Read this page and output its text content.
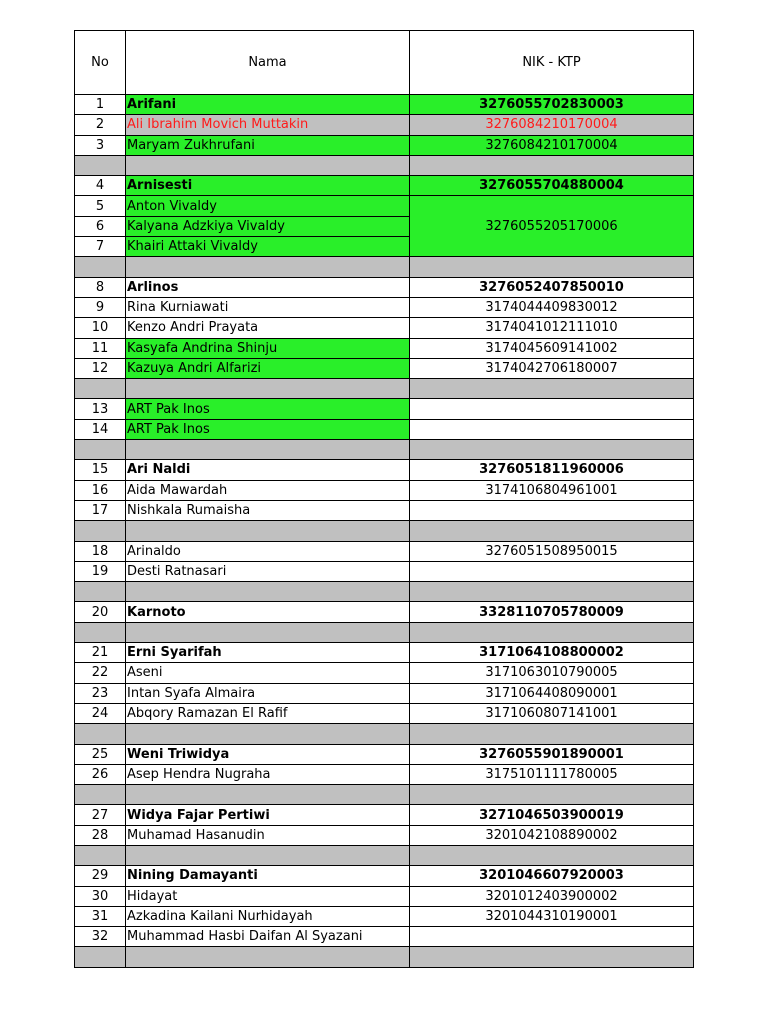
No	Nama	NIK - KTP
1	Arifani	3276055702830003
2	Ali Ibrahim Movich Muttakin	3276084210170004
3	Maryam Zukhrufani	3276084210170004
4	Arnisesti	3276055704880004
5	Anton Vivaldy
6	Kalyana Adzkiya Vivaldy	3276055205170006
7	Khairi Attaki Vivaldy
8	Arlinos	3276052407850010
9	Rina Kurniawati	3174044409830012
10	Kenzo Andri Prayata	3174041012111010
11	Kasyafa Andrina Shinju	3174045609141002
12	Kazuya Andri Alfarizi	3174042706180007
13	ART Pak Inos
14	ART Pak Inos
15	Ari Naldi	3276051811960006
16	Aida Mawardah	3174106804961001
17	Nishkala Rumaisha
18	Arinaldo	3276051508950015
19	Desti Ratnasari
20	Karnoto	3328110705780009
21	Erni Syarifah	3171064108800002
22	Aseni	3171063010790005
23	Intan Syafa Almaira	3171064408090001
24	Abqory Ramazan El Rafif	3171060807141001
25	Weni Triwidya	3276055901890001
26	Asep Hendra Nugraha	3175101111780005
27	Widya Fajar Pertiwi	3271046503900019
28	Muhamad Hasanudin	3201042108890002
29	Nining Damayanti	3201046607920003
30	Hidayat	3201012403900002
31	Azkadina Kailani Nurhidayah	3201044310190001
32	Muhammad Hasbi Daifan Al Syazani
